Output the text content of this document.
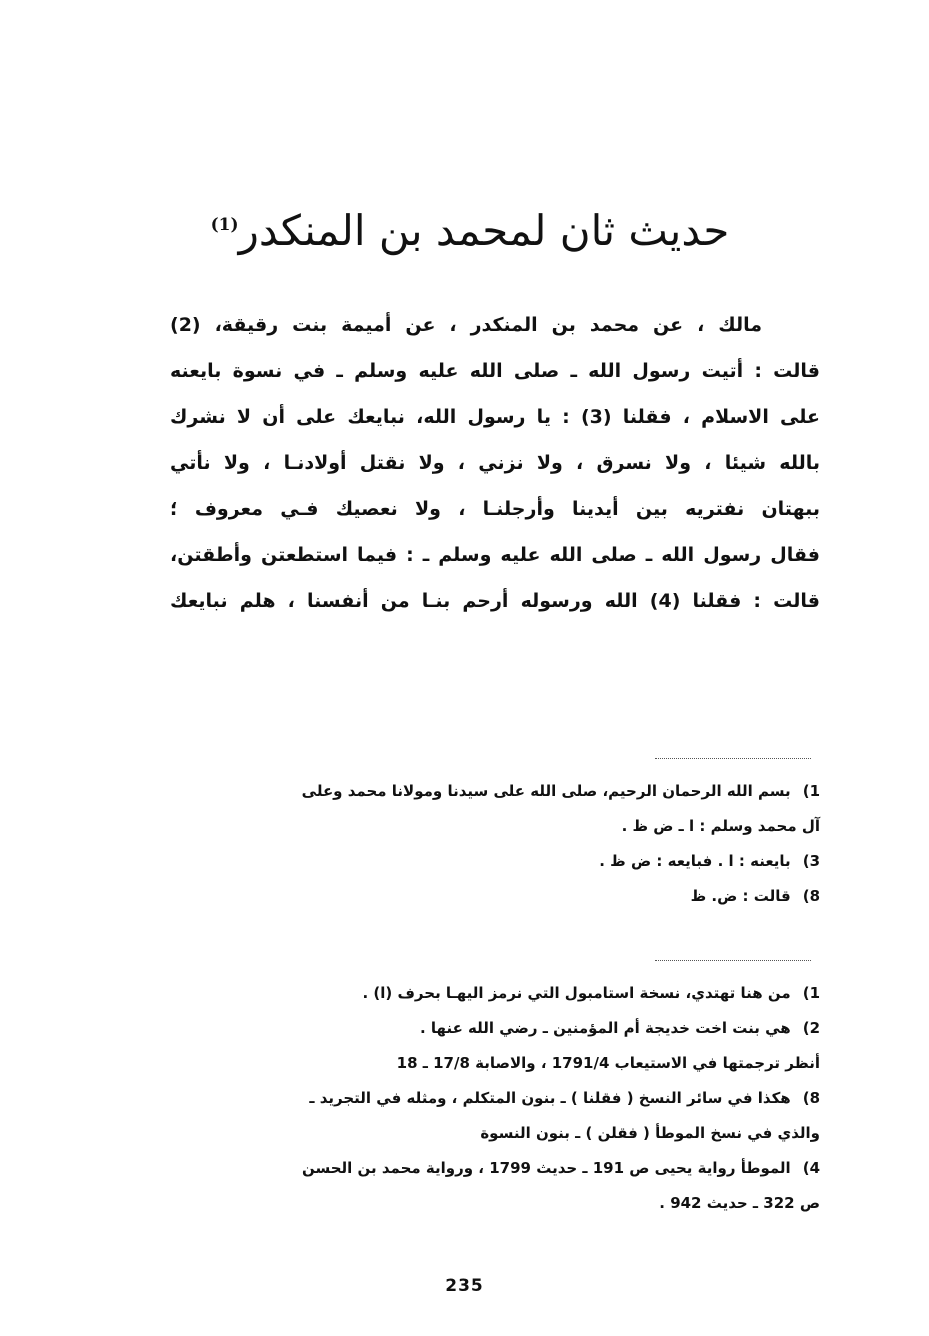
حديث ثان لمحمد بن المنكدر$^{(1)}$
مالك ، عن محمد بن المنكدر ، عن أميمة بنت رقيقة، (2)
قالت : أتيت رسول الله ـ صلى الله عليه وسلم ـ في نسوة بايعنه
على الاسلام ، فقلنا (3) : يا رسول الله، نبايعك على أن لا نشرك
بالله شيئا ، ولا نسرق ، ولا نزني ، ولا نقتل أولادنـا ، ولا نأتي
ببهتان نفتريه بين أيدينا وأرجلنـا ، ولا نعصيك فـي معروف ؛
فقال رسول الله ـ صلى الله عليه وسلم ـ : فيما استطعتن وأطقتن،
قالت : فقلنا (4) الله ورسوله أرحم بنـا من أنفسنا ، هلم نبايعك
1)بسم الله الرحمان الرحيم، صلى الله على سيدنا ومولانا محمد وعلى
آل محمد وسلم : ا ـ ض ظ .
3)بايعنه : ا . فبايعه : ض ظ .
8)قالت : ض. ظ
1)من هنا تهتدي، نسخة استامبول التي نرمز اليهـا بحرف (ا) .
2)هي بنت اخت خديجة أم المؤمنين ـ رضي الله عنها .
أنظر ترجمتها في الاستيعاب 1791/4 ، والاصابة 17/8 ـ 18
8)هكذا في سائر النسخ ( فقلنا ) ـ بنون المتكلم ، ومثله في التجريد ـ
والذي في نسخ الموطأ ( فقلن ) ـ بنون النسوة
4)الموطأ رواية يحيى ص 191 ـ حديث 1799 ، ورواية محمد بن الحسن
ص 322 ـ حديث 942 .
235
